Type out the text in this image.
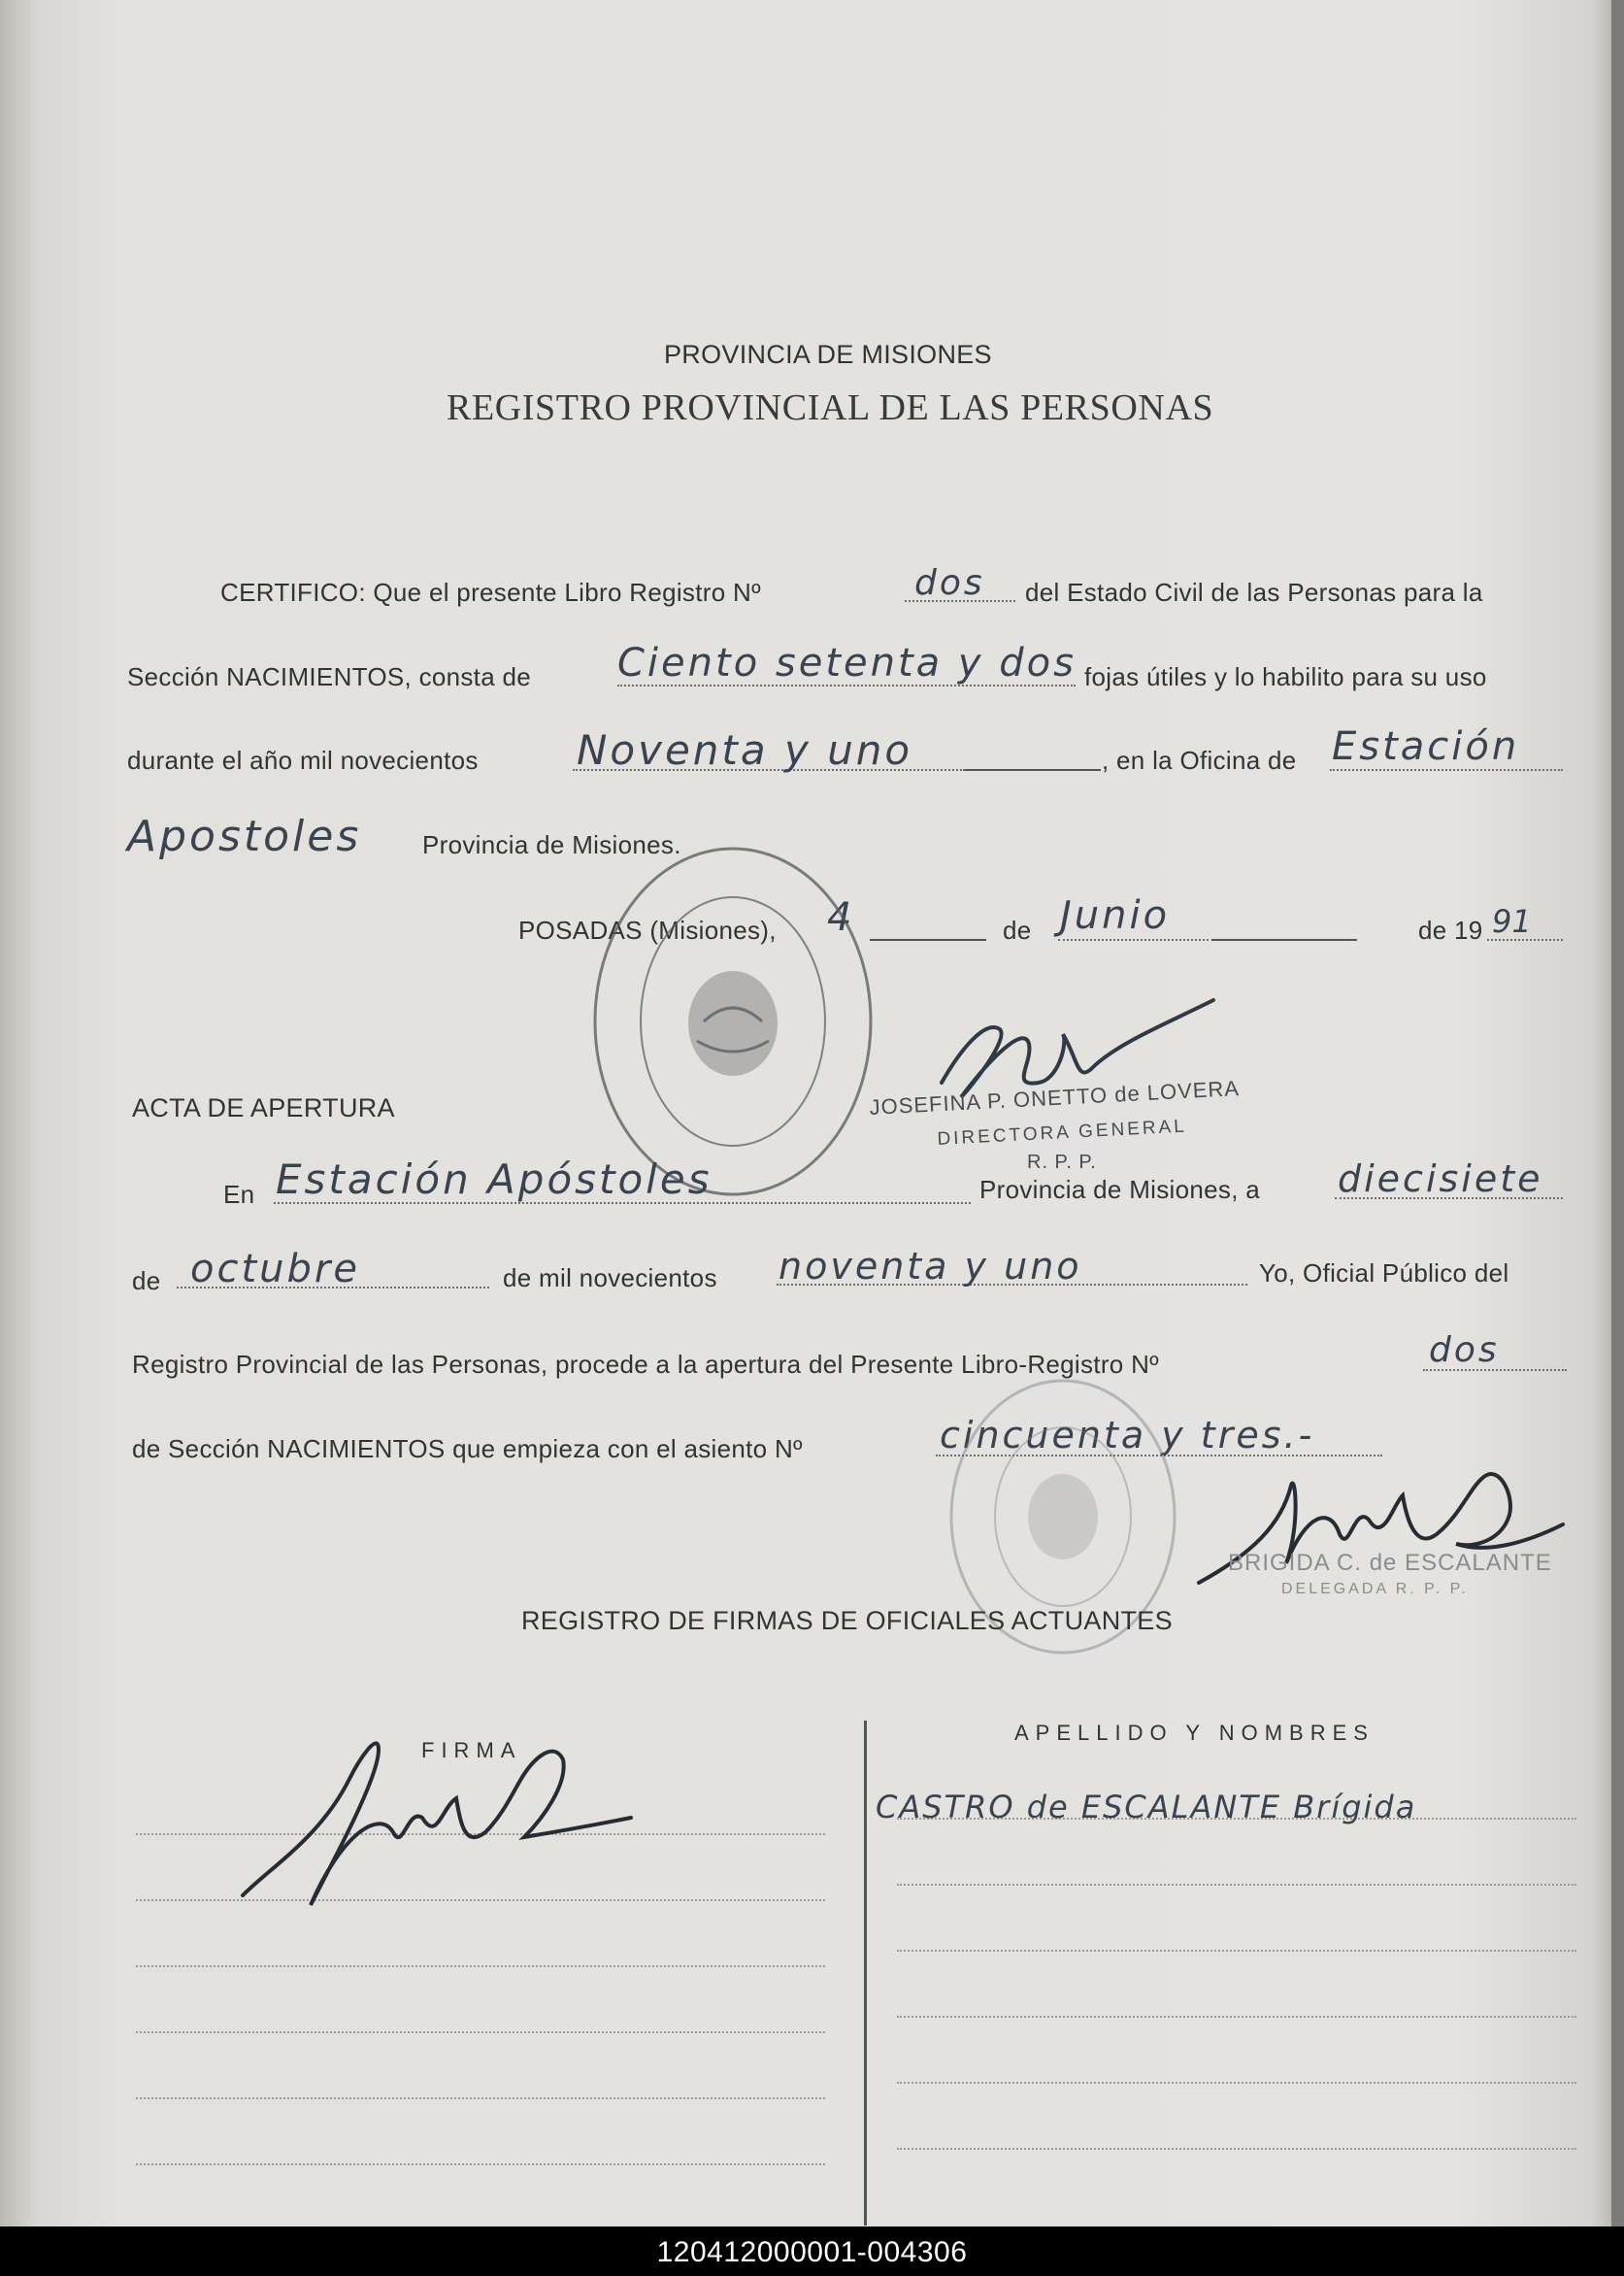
PROVINCIA DE MISIONES
REGISTRO PROVINCIAL DE LAS PERSONAS
CERTIFICO: Que el presente Libro Registro Nº	dos del Estado Civil de las Personas para la
Sección NACIMIENTOS, consta de Ciento setenta y dos fojas útiles y lo habilito para su uso
durante el año mil novecientos Noventa y uno	, en la Oficina de Estación
Apostoles Provincia de Misiones.
POSADAS (Misiones), 4	de Junio	de 19 91
JOSEFINA P. ONETTO de LOVERA
DIRECTORA GENERAL
R. P. P.
ACTA DE APERTURA
En Estación Apóstoles	Provincia de Misiones, a diecisiete
de octubre	de mil novecientos noventa y uno	Yo, Oficial Público del
Registro Provincial de las Personas, procede a la apertura del Presente Libro-Registro Nº	dos
de Sección NACIMIENTOS que empieza con el asiento Nº	cincuenta y tres.-
BRIGIDA C. de ESCALANTE
DELEGADA R. P. P.
REGISTRO DE FIRMAS DE OFICIALES ACTUANTES
FIRMA
APELLIDO Y NOMBRES
CASTRO de ESCALANTE Brígida
120412000001-004306
